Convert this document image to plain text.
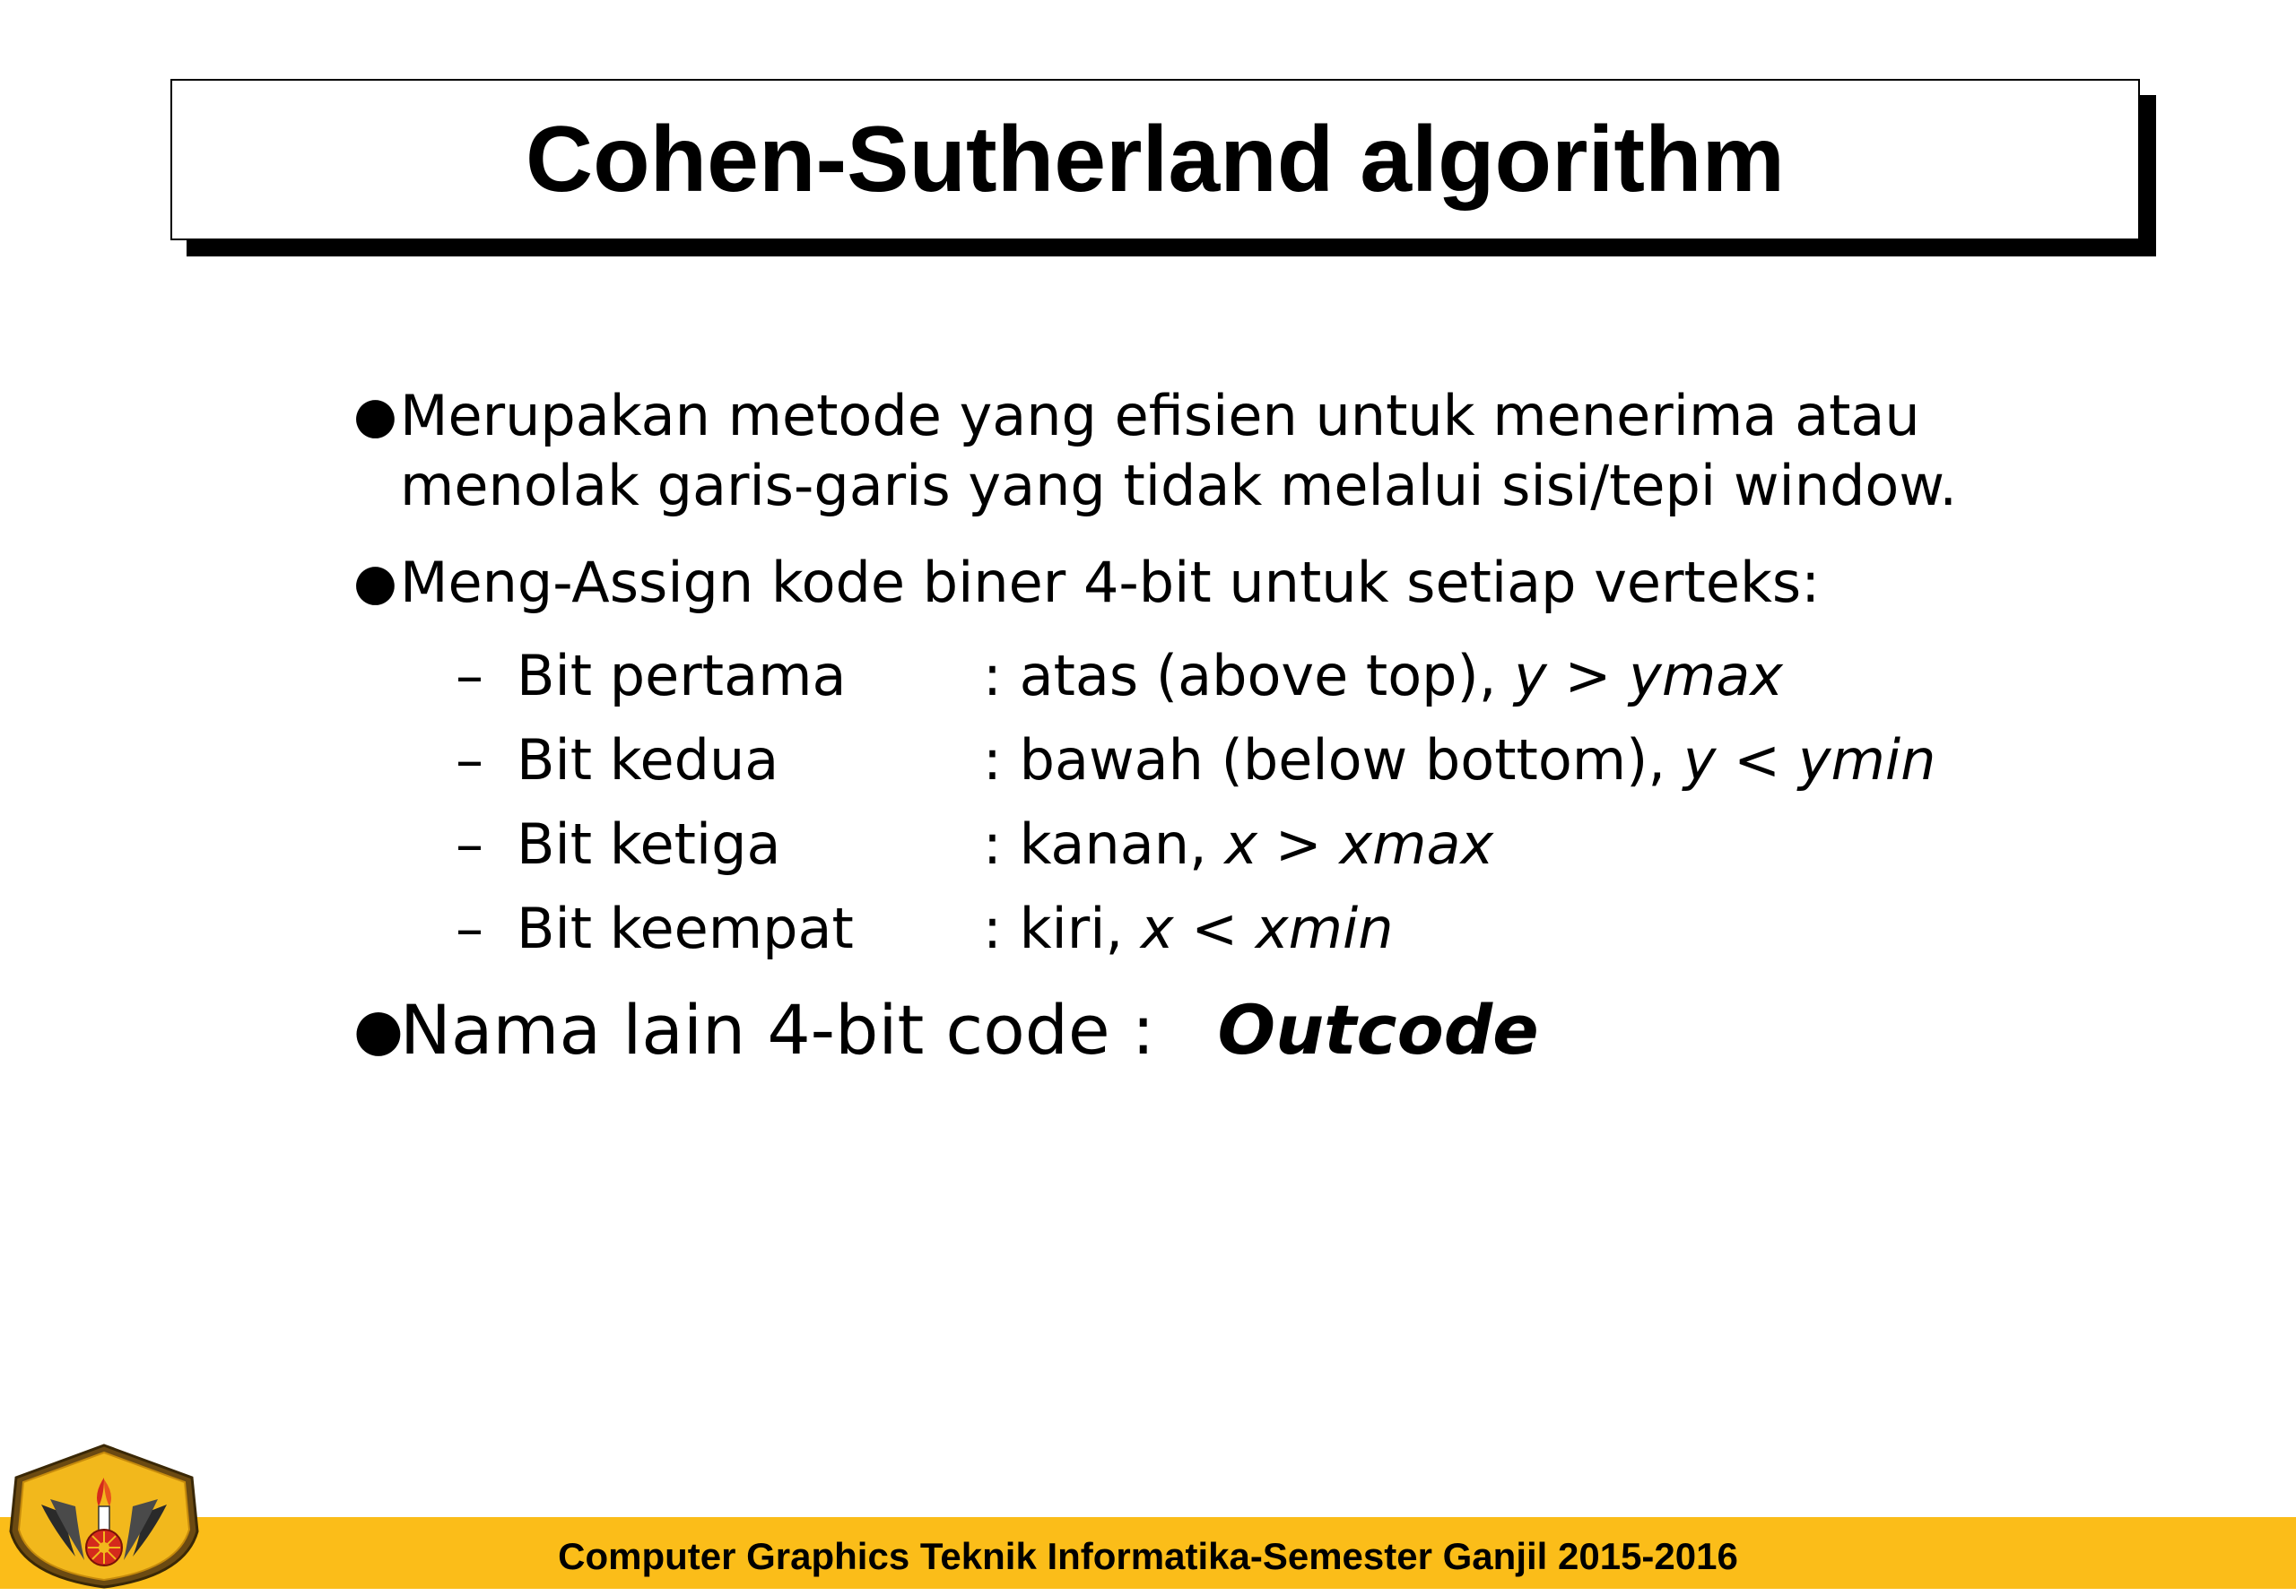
Cohen-Sutherland algorithm
● Merupakan metode yang efisien untuk menerima atau
menolak garis-garis yang tidak melalui sisi/tepi window.
● Meng-Assign kode biner 4-bit untuk setiap verteks:
– Bit pertama : atas (above top), y > ymax
– Bit kedua	: bawah (below bottom), y < ymin
– Bit ketiga	: kanan, x > xmax
– Bit keempat : kiri, x < xmin
●
Nama lain 4-bit code : Outcode
Computer Graphics Teknik Informatika-Semester Ganjil 2015-2016
